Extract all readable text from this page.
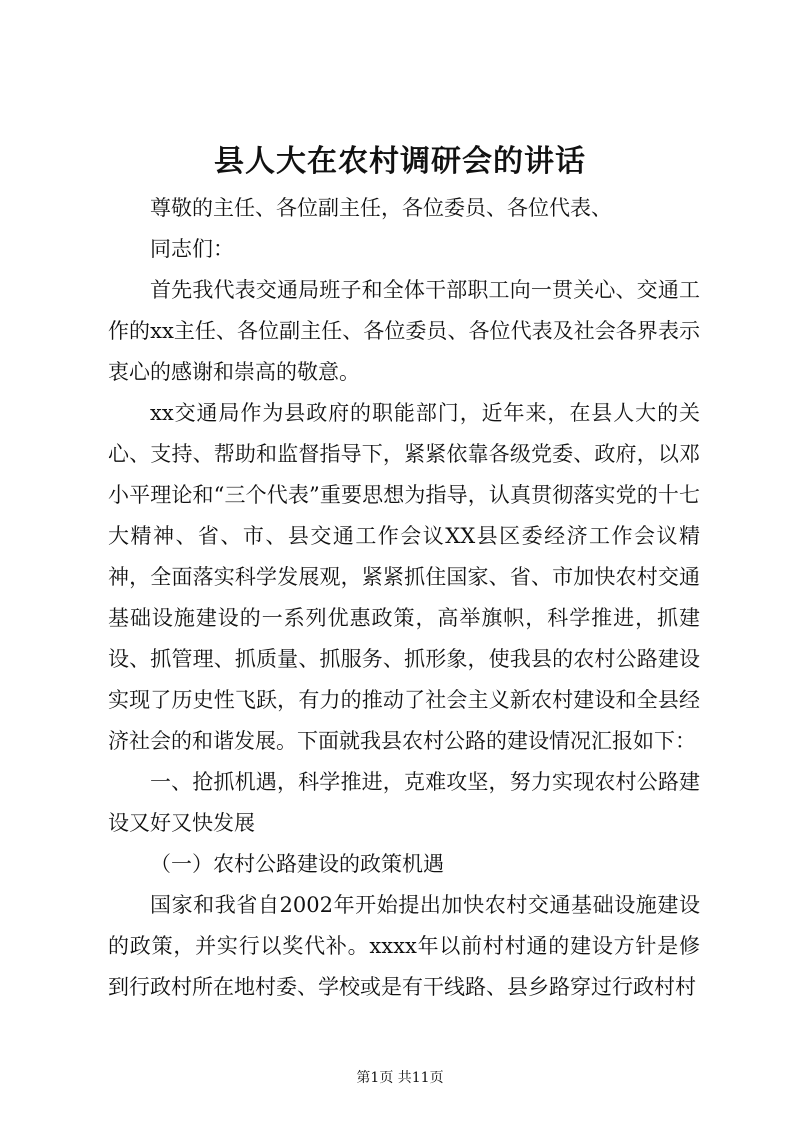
县人大在农村调研会的讲话

尊敬的主任、各位副主任，各位委员、各位代表、

同志们：

首先我代表交通局班子和全体干部职工向一贯关心、交通工作的xx主任、各位副主任、各位委员、各位代表及社会各界表示衷心的感谢和崇高的敬意。

xx交通局作为县政府的职能部门，近年来，在县人大的关心、支持、帮助和监督指导下，紧紧依靠各级党委、政府，以邓小平理论和“三个代表”重要思想为指导，认真贯彻落实党的十七大精神、省、市、县交通工作会议XX县区委经济工作会议精神，全面落实科学发展观，紧紧抓住国家、省、市加快农村交通基础设施建设的一系列优惠政策，高举旗帜，科学推进，抓建设、抓管理、抓质量、抓服务、抓形象，使我县的农村公路建设实现了历史性飞跃，有力的推动了社会主义新农村建设和全县经济社会的和谐发展。下面就我县农村公路的建设情况汇报如下：

一、抢抓机遇，科学推进，克难攻坚，努力实现农村公路建设又好又快发展

（一）农村公路建设的政策机遇

国家和我省自2002年开始提出加快农村交通基础设施建设的政策，并实行以奖代补。xxxx年以前村村通的建设方针是修到行政村所在地村委、学校或是有干线路、县乡路穿过行政村村

第1页 共11页
